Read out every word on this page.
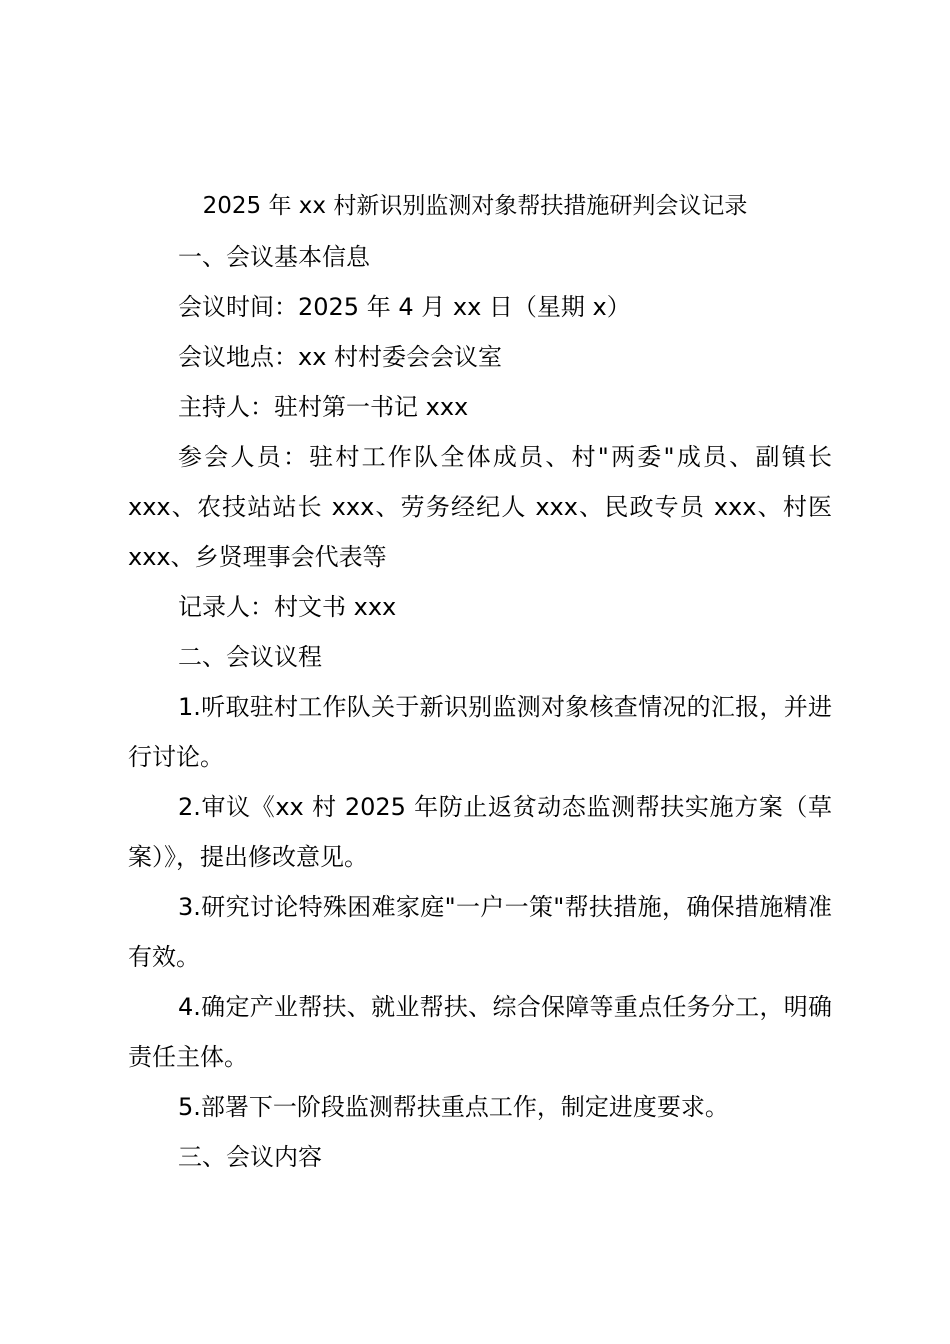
2025 年 xx 村新识别监测对象帮扶措施研判会议记录

一、会议基本信息

会议时间：2025 年 4 月 xx 日（星期 x）

会议地点：xx 村村委会会议室

主持人：驻村第一书记 xxx

参会人员：驻村工作队全体成员、村"两委"成员、副镇长 xxx、农技站站长 xxx、劳务经纪人 xxx、民政专员 xxx、村医 xxx、乡贤理事会代表等

记录人：村文书 xxx

二、会议议程

1.听取驻村工作队关于新识别监测对象核查情况的汇报，并进行讨论。

2.审议《xx 村 2025 年防止返贫动态监测帮扶实施方案（草案）》，提出修改意见。

3.研究讨论特殊困难家庭"一户一策"帮扶措施，确保措施精准有效。

4.确定产业帮扶、就业帮扶、综合保障等重点任务分工，明确责任主体。

5.部署下一阶段监测帮扶重点工作，制定进度要求。

三、会议内容
